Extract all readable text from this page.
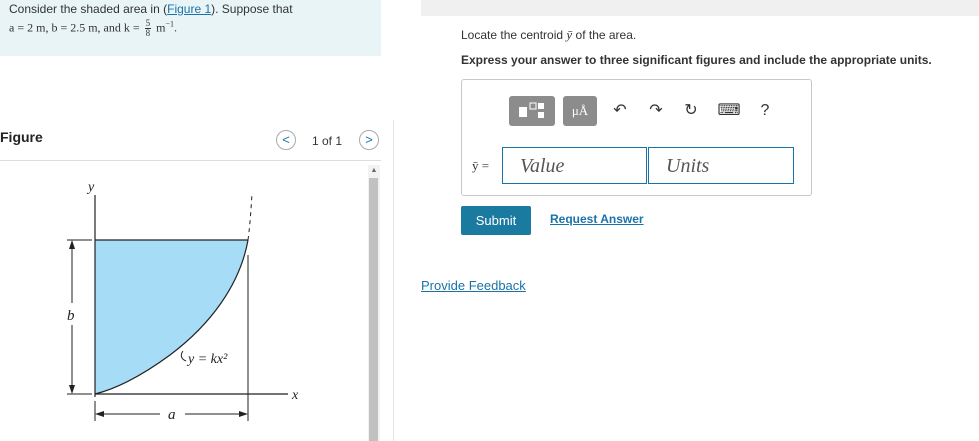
Consider the shaded area in (Figure 1). Suppose that
a = 2 m, b = 2.5 m, and $k = \frac{5}{8} m^{-1}$.
Figure	<	1 of 1	>
y
x
b
a
y = kx²
▲
Locate the centroid ȳ of the area.
Express your answer to three significant figures and include the appropriate units.
μÅ	↶	↷	↻	⌨	?
ȳ = Value	Units
Submit	Request Answer
Provide Feedback
